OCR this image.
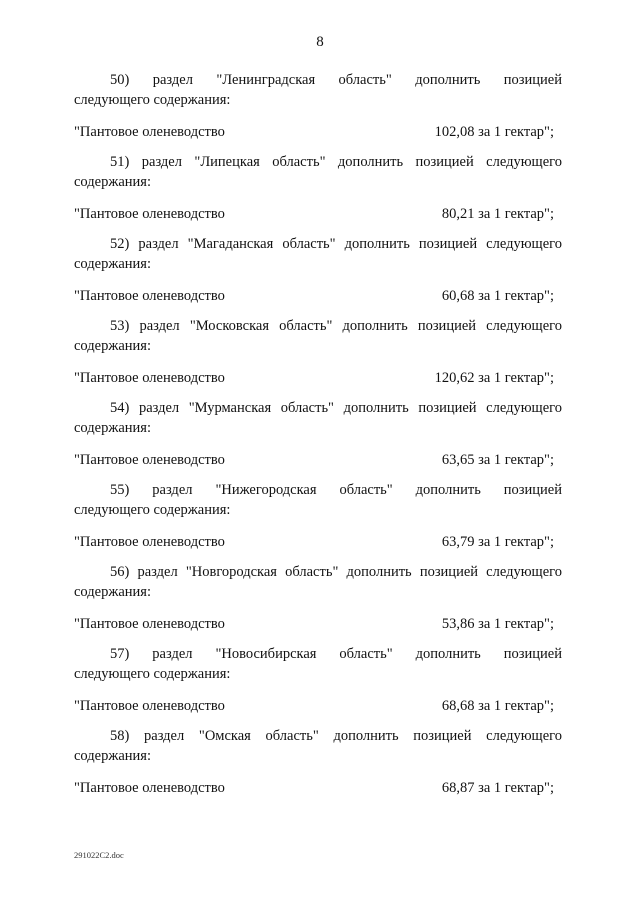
8

50) раздел "Ленинградская область" дополнить позицией

следующего содержания:

"Пантовое оленеводство	102,08 за 1 гектар";

51) раздел "Липецкая область" дополнить позицией следующего

содержания:

"Пантовое оленеводство	80,21 за 1 гектар";

52) раздел "Магаданская область" дополнить позицией следующего

содержания:

"Пантовое оленеводство	60,68 за 1 гектар";

53) раздел "Московская область" дополнить позицией следующего

содержания:

"Пантовое оленеводство	120,62 за 1 гектар";

54) раздел "Мурманская область" дополнить позицией следующего

содержания:

"Пантовое оленеводство	63,65 за 1 гектар";

55) раздел "Нижегородская область" дополнить позицией

следующего содержания:

"Пантовое оленеводство	63,79 за 1 гектар";

56) раздел "Новгородская область" дополнить позицией следующего

содержания:

"Пантовое оленеводство	53,86 за 1 гектар";

57) раздел "Новосибирская область" дополнить позицией

следующего содержания:

"Пантовое оленеводство	68,68 за 1 гектар";

58) раздел "Омская область" дополнить позицией следующего

содержания:

"Пантовое оленеводство	68,87 за 1 гектар";
291022C2.doc
